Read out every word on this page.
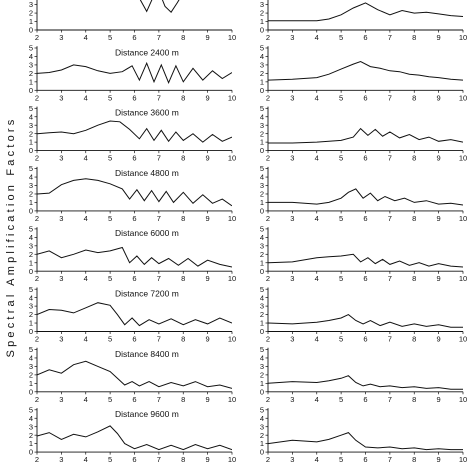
Spectral Amplification Factors
0
1
2
3
2	3	4	5	6	7	8	9 10
0
1
2
3
2	3	4	5	6	7	8	9 10
0
1
2
3
4
5
2	3	4	5	6	7	8	9 10
Distance 2400 m
0
1
2
3
4
5
2	3	4	5	6	7	8	9 10
0
1
2
3
4
5
2	3	4	5	6	7	8	9 10
Distance 3600 m
0
1
2
3
4
5
2	3	4	5	6	7	8	9 10
0
1
2
3
4
5
2	3	4	5	6	7	8	9 10
Distance 4800 m
0
1
2
3
4
5
2	3	4	5	6	7	8	9 10
0
1
2
3
4
5
2	3	4	5	6	7	8	9 10
Distance 6000 m
0
1
2
3
4
5
2	3	4	5	6	7	8	9 10
0
1
2
3
4
5
2	3	4	5	6	7	8	9 10
Distance 7200 m
0
1
2
3
4
5
2	3	4	5	6	7	8	9 10
0
1
2
3
4
5
2	3	4	5	6	7	8	9 10
Distance 8400 m
0
1
2
3
4
5
2	3	4	5	6	7	8	9 10
0
1
2
3
4
5
2	3	4	5	6	7	8	9 10
Distance 9600 m
0
1
2
3
4
5
2	3	4	5	6	7	8	9 10
